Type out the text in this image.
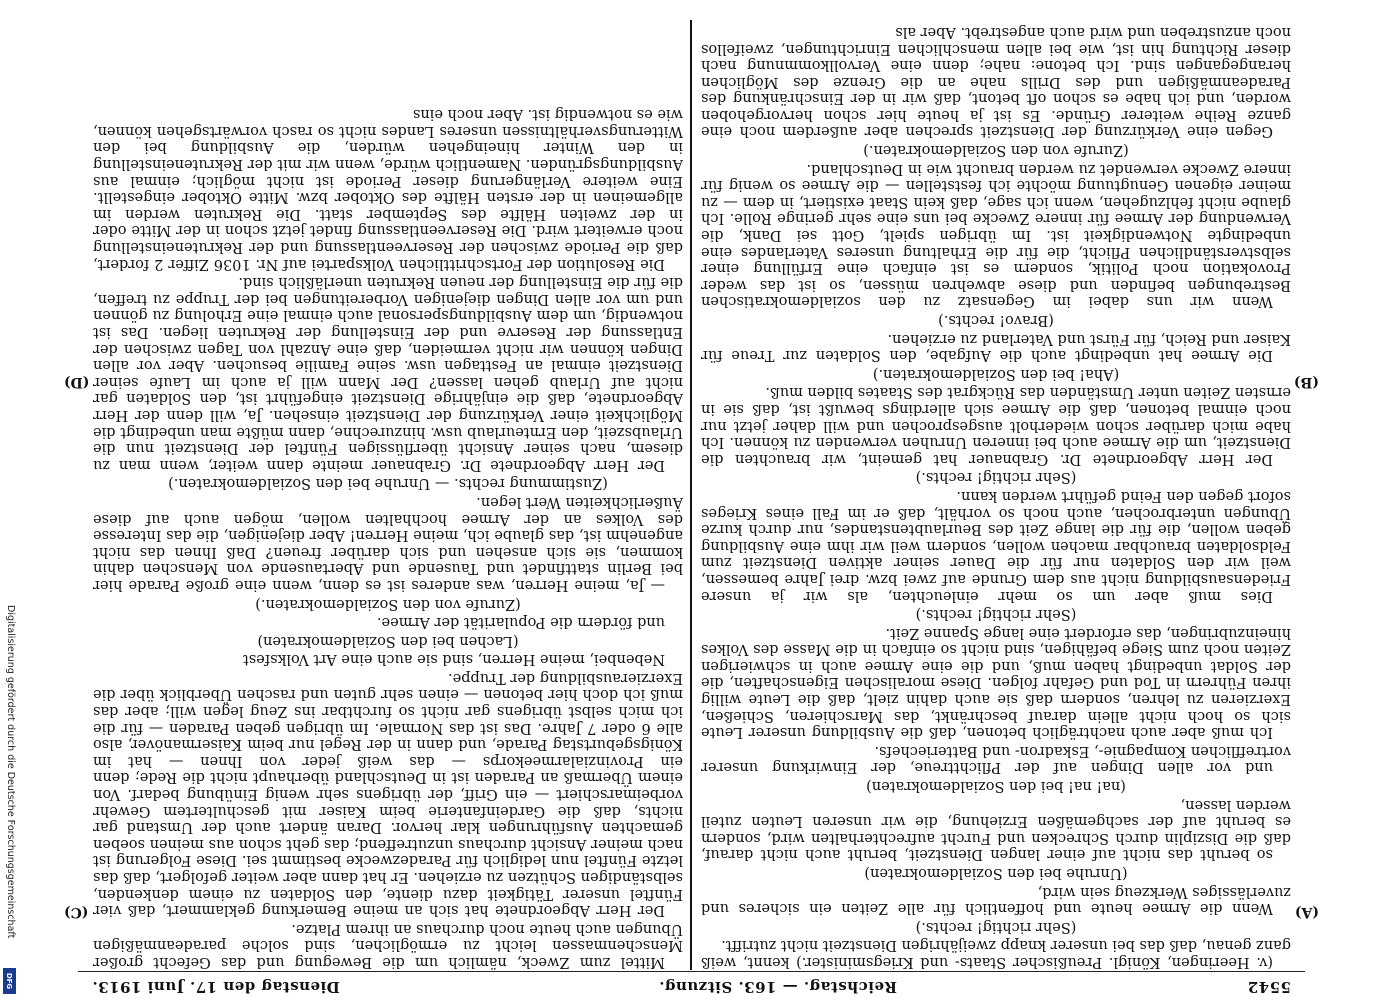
5542
Reichstag. — 163. Sitzung.
Dienstag den 17. Juni 1913.
(A)
(B)
(C)
(D)

(v. Heeringen, Königl. Preußischer Staats- und Kriegsminister.) kennt, weiß ganz genau, daß das bei unserer knapp zweijährigen Dienstzeit nicht zutrifft.

(Sehr richtig! rechts.)

Wenn die Armee heute und hoffentlich für alle Zeiten ein sicheres und zuverlässiges Werkzeug sein wird,

(Unruhe bei den Sozialdemokraten)

so beruht das nicht auf einer langen Dienstzeit, beruht auch nicht darauf, daß die Disziplin durch Schrecken und Furcht aufrechterhalten wird, sondern es beruht auf der sachgemäßen Erziehung, die wir unseren Leuten zuteil werden lassen,

(na! na! bei den Sozialdemokraten)

und vor allen Dingen auf der Pflichttreue, der Einwirkung unserer vortrefflichen Kompagnie-, Eskadron- und Batteriechefs.

Ich muß aber auch nachträglich betonen, daß die Ausbildung unserer Leute sich so hoch nicht allein darauf beschränkt, das Marschieren, Schießen, Exerzieren zu lehren, sondern daß sie auch dahin zielt, daß die Leute willig ihren Führern in Tod und Gefahr folgen. Diese moralischen Eigenschaften, die der Soldat unbedingt haben muß, und die eine Armee auch in schwierigen Zeiten noch zum Siege befähigen, sind nicht so einfach in die Masse des Volkes hineinzubringen, das erfordert eine lange Spanne Zeit.

(Sehr richtig! rechts.)

Dies muß aber um so mehr einleuchten, als wir ja unsere Friedensausbildung nicht aus dem Grunde auf zwei bzw. drei Jahre bemessen, weil wir den Soldaten nur für die Dauer seiner aktiven Dienstzeit zum Feldsoldaten brauchbar machen wollen, sondern weil wir ihm eine Ausbildung geben wollen, die für die lange Zeit des Beurlaubtenstandes, nur durch kurze Übungen unterbrochen, auch noch so vorhält, daß er im Fall eines Krieges sofort gegen den Feind geführt werden kann.

(Sehr richtig! rechts.)

Der Herr Abgeordnete Dr. Grabnauer hat gemeint, wir brauchten die Dienstzeit, um die Armee auch bei inneren Unruhen verwenden zu können. Ich habe mich darüber schon wiederholt ausgesprochen und will daher jetzt nur noch einmal betonen, daß die Armee sich allerdings bewußt ist, daß sie in ernsten Zeiten unter Umständen das Rückgrat des Staates bilden muß.

(Aha! bei den Sozialdemokraten.)

Die Armee hat unbedingt auch die Aufgabe, den Soldaten zur Treue für Kaiser und Reich, für Fürst und Vaterland zu erziehen.

(Bravo! rechts.)

Wenn wir uns dabei im Gegensatz zu den sozialdemokratischen Bestrebungen befinden und diese abwehren müssen, so ist das weder Provokation noch Politik, sondern es ist einfach eine Erfüllung einer selbstverständlichen Pflicht, die für die Erhaltung unseres Vaterlandes eine unbedingte Notwendigkeit ist. Im übrigen spielt, Gott sei Dank, die Verwendung der Armee für innere Zwecke bei uns eine sehr geringe Rolle. Ich glaube nicht fehlzugehen, wenn ich sage, daß kein Staat existiert, in dem — zu meiner eigenen Genugtuung möchte ich feststellen — die Armee so wenig für innere Zwecke verwendet zu werden braucht wie in Deutschland.

(Zurufe von den Sozialdemokraten.)

Gegen eine Verkürzung der Dienstzeit sprechen aber außerdem noch eine ganze Reihe weiterer Gründe. Es ist ja heute hier schon hervorgehoben worden, und ich habe es schon oft betont, daß wir in der Einschränkung des Paradeanmäßigen und des Drills nahe an die Grenze des Möglichen herangegangen sind. Ich betone: nahe; denn eine Vervollkommnung nach dieser Richtung hin ist, wie bei allen menschlichen Einrichtungen, zweifellos noch anzustreben und wird auch angestrebt. Aber als

Mittel zum Zweck, nämlich um die Bewegung und das Gefecht großer Menschenmassen leicht zu ermöglichen, sind solche paradeanmäßigen Übungen auch heute noch durchaus an ihrem Platze.

Der Herr Abgeordnete hat sich an meine Bemerkung geklammert, daß vier Fünftel unserer Tätigkeit dazu diente, den Soldaten zu einem denkenden, selbständigen Schützen zu erziehen. Er hat dann aber weiter gefolgert, daß das letzte Fünftel nun lediglich für Paradezwecke bestimmt sei. Diese Folgerung ist nach meiner Ansicht durchaus unzutreffend; das geht schon aus meinen soeben gemachten Ausführungen klar hervor. Daran ändert auch der Umstand gar nichts, daß die Gardeinfanterie beim Kaiser mit geschultertem Gewehr vorbeimarschiert — ein Griff, der übrigens sehr wenig Einübung bedarf. Von einem Übermaß an Paraden ist in Deutschland überhaupt nicht die Rede; denn ein Provinzialarmeekorps — das weiß jeder von Ihnen — hat im Königsgeburtstag Parade, und dann in der Regel nur beim Kaisermanöver, also alle 6 oder 7 Jahre. Das ist das Normale. Im übrigen geben Paraden — für die ich mich selbst übrigens gar nicht so furchtbar ins Zeug legen will; aber das muß ich doch hier betonen — einen sehr guten und raschen Überblick über die Exerzierausbildung der Truppe.

Nebenbei, meine Herren, sind sie auch eine Art Volksfest

(Lachen bei den Sozialdemokraten)

und fördern die Popularität der Armee.

(Zurufe von den Sozialdemokraten.)

— Ja, meine Herren, was anderes ist es denn, wenn eine große Parade hier bei Berlin stattfindet und Tausende und Abertausende von Menschen dahin kommen, sie sich ansehen und sich darüber freuen? Daß Ihnen das nicht angenehm ist, das glaube ich, meine Herren! Aber diejenigen, die das Interesse des Volkes an der Armee hochhalten wollen, mögen auch auf diese Äußerlichkeiten Wert legen.

(Zustimmung rechts. — Unruhe bei den Sozialdemokraten.)

Der Herr Abgeordnete Dr. Grabnauer meinte dann weiter, wenn man zu diesem, nach seiner Ansicht überflüssigen Fünftel der Dienstzeit nun die Urlaubszeit, den Ernteurlaub usw. hinzurechne, dann müßte man unbedingt die Möglichkeit einer Verkürzung der Dienstzeit einsehen. Ja, will denn der Herr Abgeordnete, daß die einjährige Dienstzeit eingeführt ist, den Soldaten gar nicht auf Urlaub gehen lassen? Der Mann will ja auch im Laufe seiner Dienstzeit einmal an Festtagen usw. seine Familie besuchen. Aber vor allen Dingen können wir nicht vermeiden, daß eine Anzahl von Tagen zwischen der Entlassung der Reserve und der Einstellung der Rekruten liegen. Das ist notwendig, um dem Ausbildungspersonal auch einmal eine Erholung zu gönnen und um vor allen Dingen diejenigen Vorbereitungen bei der Truppe zu treffen, die für die Einstellung der neuen Rekruten unerläßlich sind.

Die Resolution der Fortschrittlichen Volkspartei auf Nr. 1036 Ziffer 2 fordert, daß die Periode zwischen der Reserveentlassung und der Rekruteneinstellung noch erweitert wird. Die Reserveentlassung findet jetzt schon in der Mitte oder in der zweiten Hälfte des September statt. Die Rekruten werden im allgemeinen in der ersten Hälfte des Oktober bzw. Mitte Oktober eingestellt. Eine weitere Verlängerung dieser Periode ist nicht möglich; einmal aus Ausbildungsgründen. Namentlich würde, wenn wir mit der Rekruteneinstellung in den Winter hineingehen würden, die Ausbildung bei den Witterungsverhältnissen unseres Landes nicht so rasch vorwärtsgehen können, wie es notwendig ist. Aber noch eins

Digitalisierung gefördert durch die Deutsche Forschungsgemeinschaft
DFG
